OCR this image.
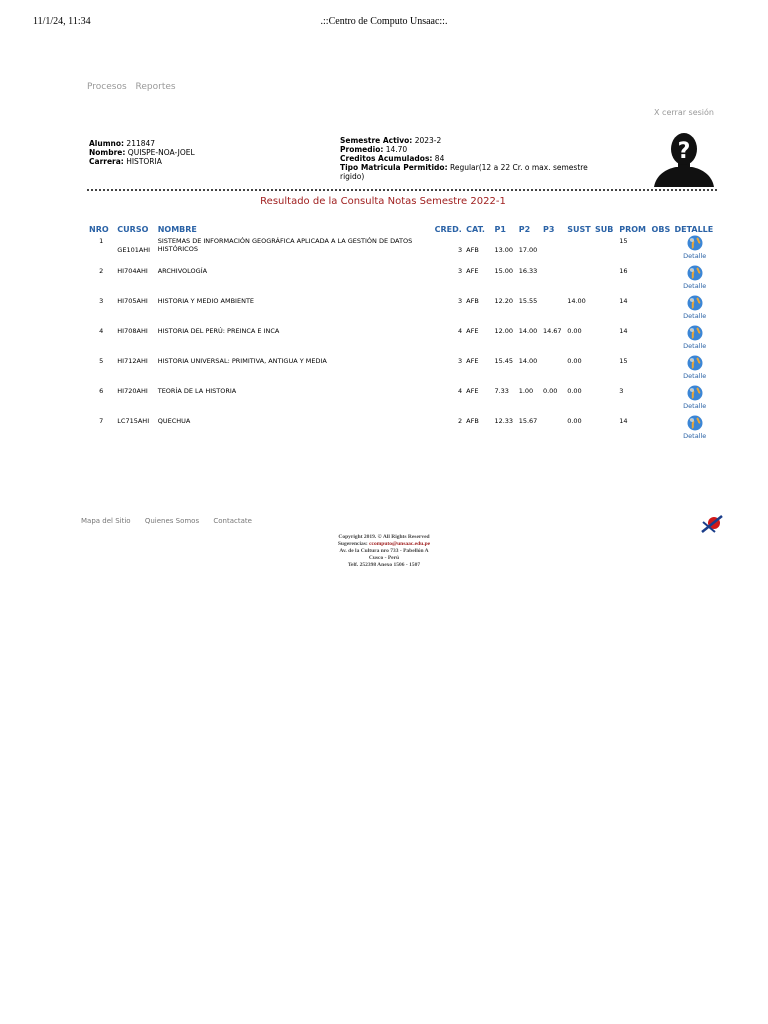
11/1/24, 11:34	.::Centro de Computo Unsaac::.
Procesos Reportes
X cerrar sesión
Alumno: 211847
Nombre: QUISPE-NOA-JOEL
Carrera: HISTORIA
Semestre Activo: 2023-2
Promedio: 14.70
Creditos Acumulados: 84
Tipo Matricula Permitido: Regular(12 a 22 Cr. o max. semestre rigido)
?
Resultado de la Consulta Notas Semestre 2022-1
NRO	CURSO	NOMBRE	CRED.	CAT.	P1	P2	P3	SUST	SUB	PROM	OBS	DETALLE
1	GE101AHI	SISTEMAS DE INFORMACIÓN GEOGRÁFICA APLICADA A LA GESTIÓN DE DATOS HISTÓRICOS	3	AFB	13.00	17.00				15		Detalle

2	HI704AHI	ARCHIVOLOGÍA	3	AFE	15.00	16.33				16		Detalle

3	HI705AHI	HISTORIA Y MEDIO AMBIENTE	3	AFB	12.20	15.55		14.00		14		Detalle

4	HI708AHI	HISTORIA DEL PERÚ: PREINCA E INCA	4	AFE	12.00	14.00	14.67	0.00		14		Detalle

5	HI712AHI	HISTORIA UNIVERSAL: PRIMITIVA, ANTIGUA Y MEDIA	3	AFE	15.45	14.00		0.00		15		Detalle

6	HI720AHI	TEORÍA DE LA HISTORIA	4	AFE	7.33	1.00	0.00	0.00		3		Detalle

7	LC715AHI	QUECHUA	2	AFB	12.33	15.67		0.00		14		Detalle
Mapa del Sitio Quienes Somos Contactate
Copyright 2019. © All Rights Reserved
Sugerencias: ccomputo@unsaac.edu.pe
Av. de la Cultura nro 733 - Pabellón A
Cusco - Perú
Telf. 252398 Anexo 1506 - 1507
